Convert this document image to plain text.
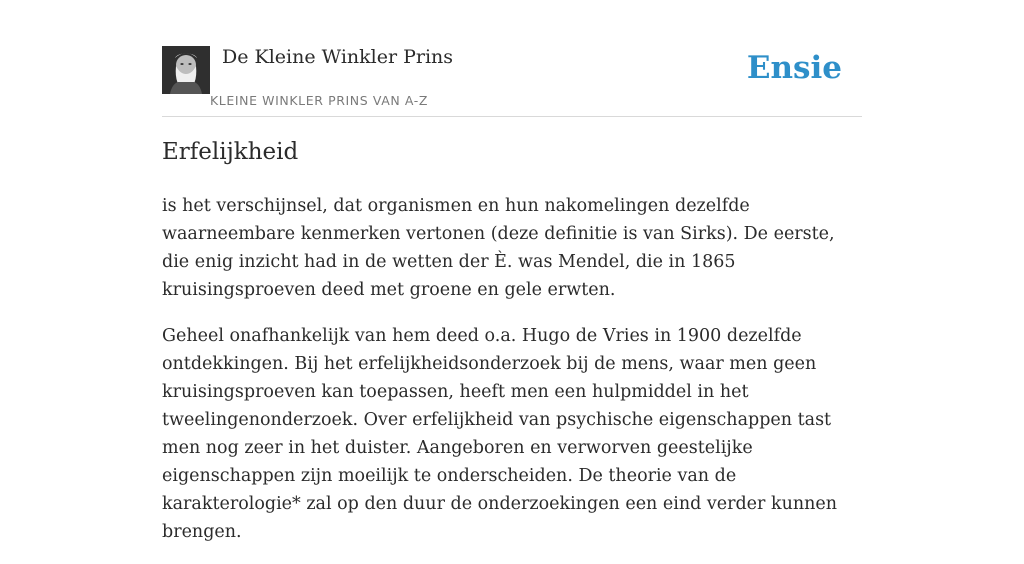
De Kleine Winkler Prins
KLEINE WINKLER PRINS VAN A-Z
Ensie
Erfelijkheid

is het verschijnsel, dat organismen en hun nakomelingen dezelfde waarneembare kenmerken vertonen (deze definitie is van Sirks). De eerste, die enig inzicht had in de wetten der È. was Mendel, die in 1865 kruisingsproeven deed met groene en gele erwten.

Geheel onafhankelijk van hem deed o.a. Hugo de Vries in 1900 dezelfde ontdekkingen. Bij het erfelijkheidsonderzoek bij de mens, waar men geen kruisingsproeven kan toepassen, heeft men een hulpmiddel in het tweelingenonderzoek. Over erfelijkheid van psychische eigenschappen tast men nog zeer in het duister. Aangeboren en verworven geestelijke eigenschappen zijn moeilijk te onderscheiden. De theorie van de karakterologie* zal op den duur de onderzoekingen een eind verder kunnen brengen.
